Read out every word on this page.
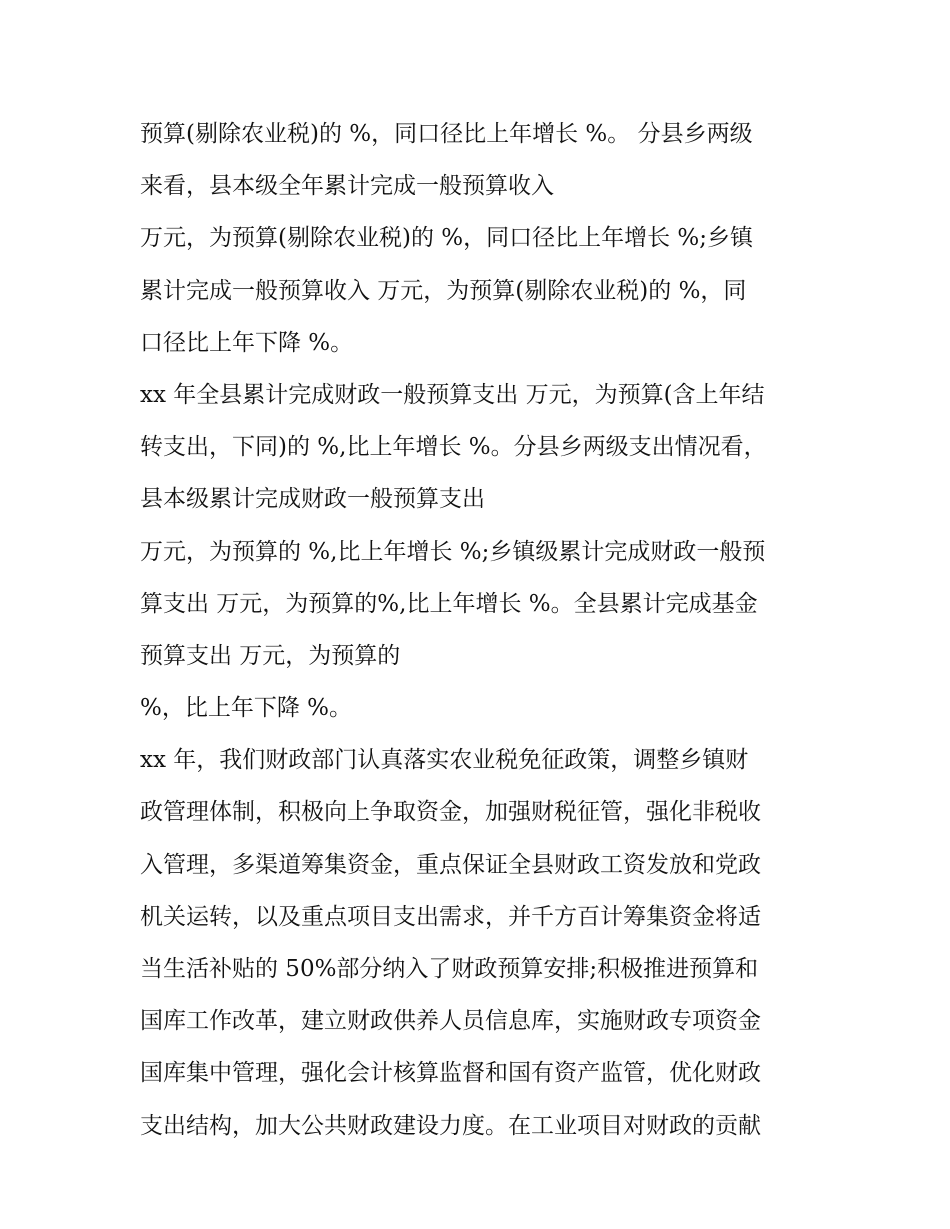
预算(剔除农业税)的 %，同口径比上年增长 %。 分县乡两级
来看，县本级全年累计完成一般预算收入
万元，为预算(剔除农业税)的 %，同口径比上年增长 %;乡镇
累计完成一般预算收入 万元，为预算(剔除农业税)的 %，同
口径比上年下降 %。
xx 年全县累计完成财政一般预算支出 万元，为预算(含上年结
转支出，下同)的 %,比上年增长 %。分县乡两级支出情况看，
县本级累计完成财政一般预算支出
万元，为预算的 %,比上年增长 %;乡镇级累计完成财政一般预
算支出 万元，为预算的%,比上年增长 %。全县累计完成基金
预算支出 万元，为预算的
%，比上年下降 %。
xx 年，我们财政部门认真落实农业税免征政策，调整乡镇财
政管理体制，积极向上争取资金，加强财税征管，强化非税收
入管理，多渠道筹集资金，重点保证全县财政工资发放和党政
机关运转，以及重点项目支出需求，并千方百计筹集资金将适
当生活补贴的 50%部分纳入了财政预算安排;积极推进预算和
国库工作改革，建立财政供养人员信息库，实施财政专项资金
国库集中管理，强化会计核算监督和国有资产监管，优化财政
支出结构，加大公共财政建设力度。在工业项目对财政的贡献
